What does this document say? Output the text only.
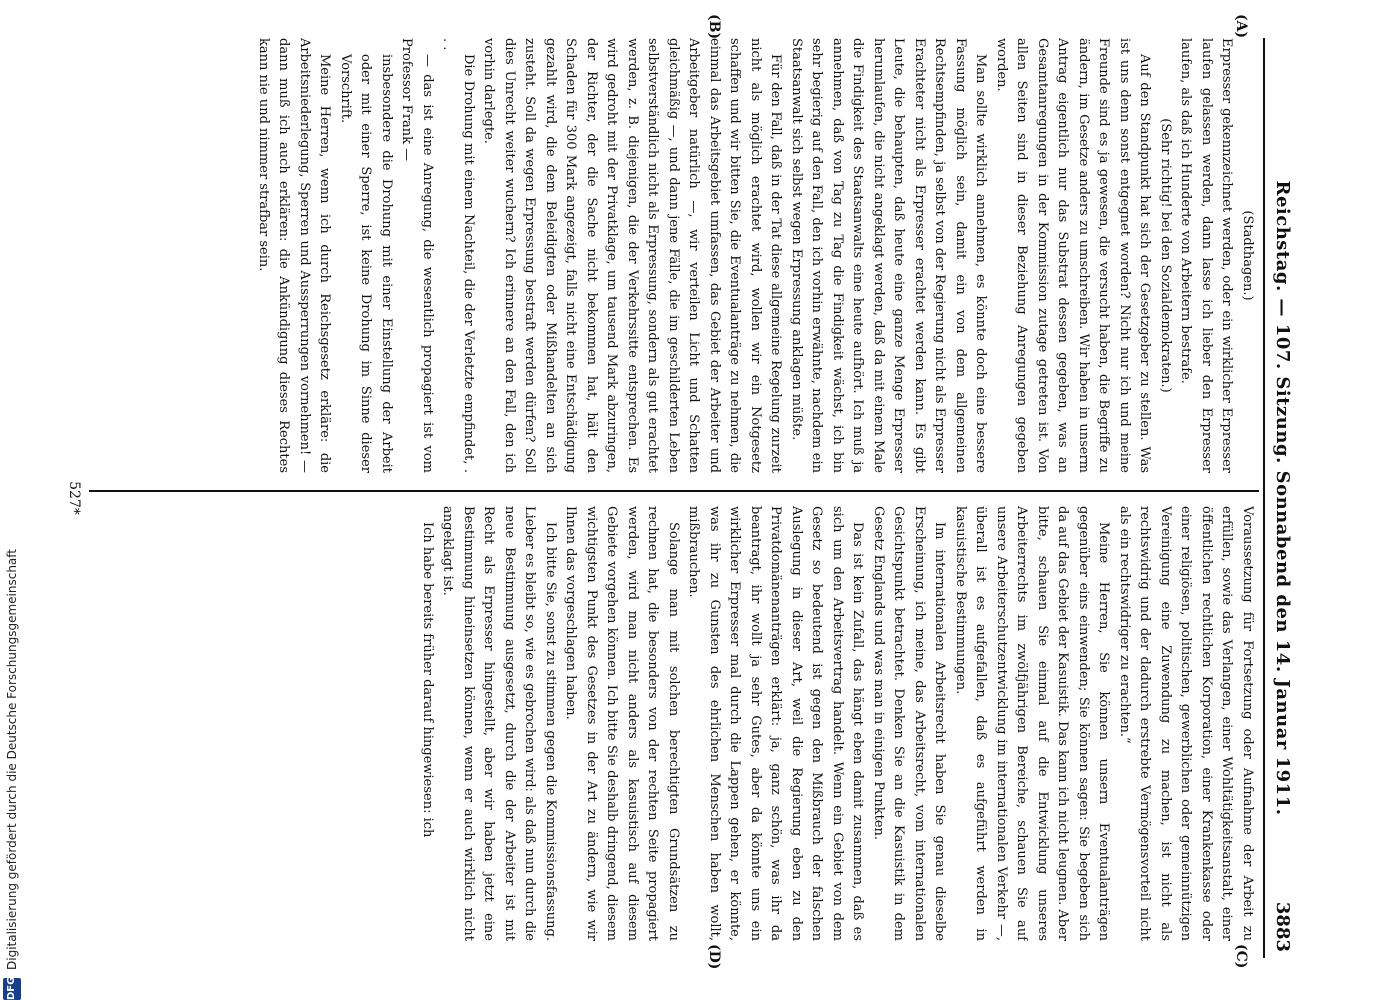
Reichstag. — 107. Sitzung. Sonnabend den 14. Januar 1911.
3883
(A)
(B)
(C)
(D)

(Stadthagen.)

Erpresser gekennzeichnet werden, oder ein wirklicher Erpresser laufen gelassen werden, dann lasse ich lieber den Erpresser laufen, als daß ich Hunderte von Arbeitern bestrafe.

(Sehr richtig! bei den Sozialdemokraten.)

Auf den Standpunkt hat sich der Gesetzgeber zu stellen. Was ist uns denn sonst entgegnet worden? Nicht nur ich und meine Freunde sind es ja gewesen, die versucht haben, die Begriffe zu ändern, im Gesetze anders zu umschreiben. Wir haben in unserm Antrag eigentlich nur das Substrat dessen gegeben, was an Gesamtanregungen in der Kommission zutage getreten ist. Von allen Seiten sind in dieser Beziehung Anregungen gegeben worden.

Man sollte wirklich annehmen, es könnte doch eine bessere Fassung möglich sein, damit ein von dem allgemeinen Rechtsempfinden, ja selbst von der Regierung nicht als Erpresser Erachteter nicht als Erpresser erachtet werden kann. Es gibt Leute, die behaupten, daß heute eine ganze Menge Erpresser herumlaufen, die nicht angeklagt werden, daß da mit einem Male die Findigkeit des Staatsanwalts eine heute aufhört. Ich muß ja annehmen, daß von Tag zu Tag die Findigkeit wächst, ich bin sehr begierig auf den Fall, den ich vorhin erwähnte, nachdem ein Staatsanwalt sich selbst wegen Erpressung anklagen müßte.

Für den Fall, daß in der Tat diese allgemeine Regelung zurzeit nicht als möglich erachtet wird, wollen wir ein Notgesetz schaffen und wir bitten Sie, die Eventualanträge zu nehmen, die einmal das Arbeitsgebiet umfassen, das Gebiet der Arbeiter und Arbeitgeber natürlich —, wir verteilen Licht und Schatten gleichmäßig —, und dann jene Fälle, die im geschilderten Leben selbstverständlich nicht als Erpressung, sondern als gut erachtet werden, z. B. diejenigen, die der Verkehrssitte entsprechen. Es wird gedroht mit der Privatklage, um tausend Mark abzuringen, der Richter, der die Sache nicht bekommen hat, hält den Schaden für 300 Mark angezeigt, falls nicht eine Entschädigung gezahlt wird, die dem Beleidigten oder Mißhandelten an sich zusteht. Soll da wegen Erpressung bestraft werden dürfen? Soll dies Unrecht weiter wuchern? Ich erinnere an den Fall, den ich vorhin darlegte.

Die Drohung mit einem Nachteil, die der Verletzte empfindet, . . .

— das ist eine Anregung, die wesentlich propagiert ist vom Professor Frank —

insbesondere die Drohung mit einer Einstellung der Arbeit oder mit einer Sperre, ist keine Drohung im Sinne dieser Vorschrift.

Meine Herren, wenn ich durch Reichsgesetz erkläre: die Arbeitsniederlegung, Sperren und Aussperrungen vornehmen! — dann muß ich auch erklären: die Ankündigung dieses Rechtes kann nie und nimmer strafbar sein.

Voraussetzung für Fortsetzung oder Aufnahme der Arbeit zu erfüllen, sowie das Verlangen, einer Wohltätigkeitsanstalt, einer öffentlichen rechtlichen Korporation, einer Krankenkasse oder einer religiösen, politischen, gewerblichen oder gemeinnützigen Vereinigung eine Zuwendung zu machen, ist nicht als rechtswidrig und der dadurch erstrebte Vermögensvorteil nicht als ein rechtswidriger zu erachten.“

Meine Herren, Sie können unsern Eventualanträgen gegenüber eins einwenden; Sie können sagen: Sie begeben sich da auf das Gebiet der Kasuistik. Das kann ich nicht leugnen. Aber bitte, schauen Sie einmal auf die Entwicklung unseres Arbeiterrechts im zwölfjährigen Bereiche, schauen Sie auf unsere Arbeiterschutzentwicklung im internationalen Verkehr —, überall ist es aufgefallen, daß es aufgeführt werden in kasuistische Bestimmungen.

Im internationalen Arbeitsrecht haben Sie genau dieselbe Erscheinung, ich meine, das Arbeitsrecht, vom internationalen Gesichtspunkt betrachtet. Denken Sie an die Kasuistik in dem Gesetz Englands und was man in einigen Punkten.

Das ist kein Zufall, das hängt eben damit zusammen, daß es sich um den Arbeitsvertrag handelt. Wenn ein Gebiet von dem Gesetz so bedeutend ist gegen den Mißbrauch der falschen Auslegung in dieser Art, weil die Regierung eben zu den Privatdomänenanträgen erklärt: ja, ganz schön, was ihr da beantragt, ihr wollt ja sehr Gutes, aber da könnte uns ein wirklicher Erpresser mal durch die Lappen gehen, er könnte, was ihr zu Gunsten des ehrlichen Menschen haben wollt, mißbrauchen.

Solange man mit solchen berechtigten Grundsätzen zu rechnen hat, die besonders von der rechten Seite propagiert werden, wird man nicht anders als kasuistisch auf diesem Gebiete vorgehen können. Ich bitte Sie deshalb dringend, diesem wichtigsten Punkt des Gesetzes in der Art zu ändern, wie wir Ihnen das vorgeschlagen haben.

Ich bitte Sie, sonst zu stimmen gegen die Kommissionsfassung. Lieber es bleibt so, wie es gebrochen wird: als daß nun durch die neue Bestimmung ausgesetzt, durch die der Arbeiter ist mit Recht als Erpresser hingestellt, aber wir haben jetzt eine Bestimmung hineinsetzen können, wenn er auch wirklich nicht angeklagt ist.

Ich habe bereits früher darauf hingewiesen: ich

527*
DFG
Digitalisierung gefördert durch die Deutsche Forschungsgemeinschaft
